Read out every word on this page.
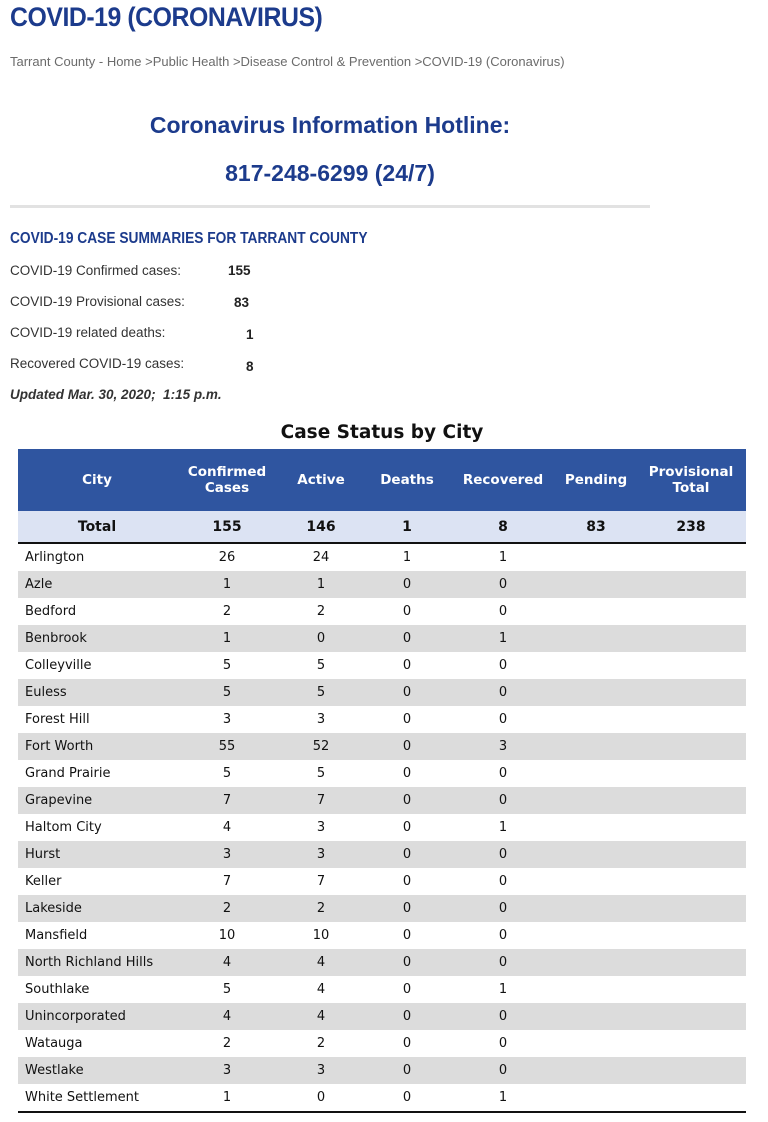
COVID-19 (CORONAVIRUS)
Tarrant County - Home >Public Health >Disease Control & Prevention >COVID-19 (Coronavirus)
Coronavirus Information Hotline:
817-248-6299 (24/7)
COVID-19 CASE SUMMARIES FOR TARRANT COUNTY
COVID-19 Confirmed cases:	155
COVID-19 Provisional cases:	83
COVID-19 related deaths:	1
Recovered COVID-19 cases:	8
Updated Mar. 30, 2020;  1:15 p.m.
Case Status by City
City	Confirmed Cases	Active	Deaths	Recovered	Pending	Provisional Total
Total	155	146	1	8	83	238
Arlington	26	24	1	1		
Azle	1	1	0	0		
Bedford	2	2	0	0		
Benbrook	1	0	0	1		
Colleyville	5	5	0	0		
Euless	5	5	0	0		
Forest Hill	3	3	0	0		
Fort Worth	55	52	0	3		
Grand Prairie	5	5	0	0		
Grapevine	7	7	0	0		
Haltom City	4	3	0	1		
Hurst	3	3	0	0		
Keller	7	7	0	0		
Lakeside	2	2	0	0		
Mansfield	10	10	0	0		
North Richland Hills	4	4	0	0		
Southlake	5	4	0	1		
Unincorporated	4	4	0	0		
Watauga	2	2	0	0		
Westlake	3	3	0	0		
White Settlement	1	0	0	1		
